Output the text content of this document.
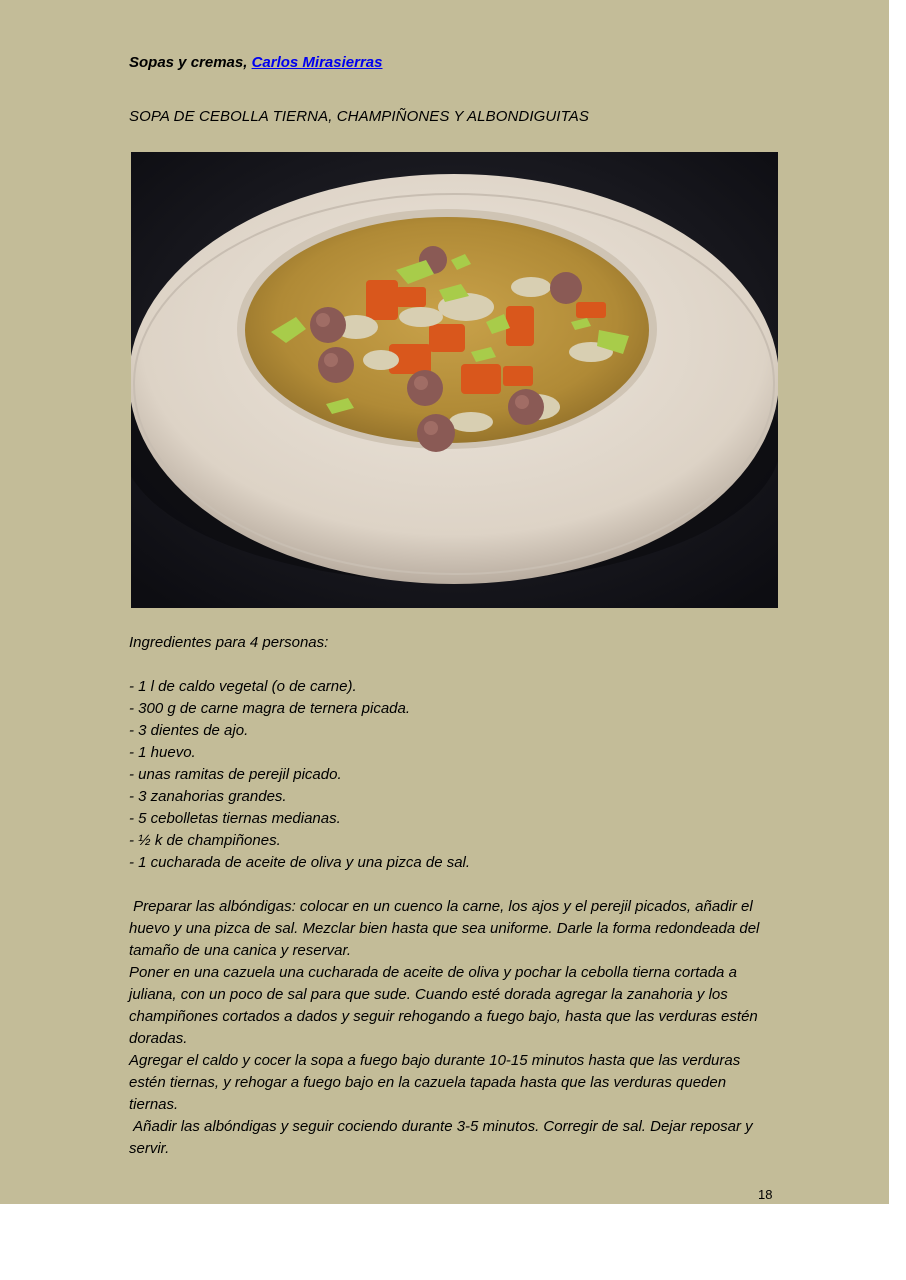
Sopas y cremas, Carlos Mirasierras
SOPA DE CEBOLLA TIERNA, CHAMPIÑONES Y ALBONDIGUITAS

Ingredientes para 4 personas:

- 1 l de caldo vegetal (o de carne).

- 300 g de carne magra de ternera picada.

- 3 dientes de ajo.

- 1 huevo.

- unas ramitas de perejil picado.

- 3 zanahorias grandes.

- 5 cebolletas tiernas medianas.

- ½ k de champiñones.

- 1 cucharada de aceite de oliva y una pizca de sal.

Preparar las albóndigas: colocar en un cuenco la carne, los ajos y el perejil picados, añadir el huevo y una pizca de sal. Mezclar bien hasta que sea uniforme. Darle la forma redondeada del tamaño de una canica y reservar.

Poner en una cazuela una cucharada de aceite de oliva y pochar la cebolla tierna cortada a juliana, con un poco de sal para que sude. Cuando esté dorada agregar la zanahoria y los champiñones cortados a dados y seguir rehogando a fuego bajo, hasta que las verduras estén doradas.

Agregar el caldo y cocer la sopa a fuego bajo durante 10-15 minutos hasta que las verduras estén tiernas, y rehogar a fuego bajo en la cazuela tapada hasta que las verduras queden tiernas.

Añadir las albóndigas y seguir cociendo durante 3-5 minutos. Corregir de sal. Dejar reposar y servir.

18
